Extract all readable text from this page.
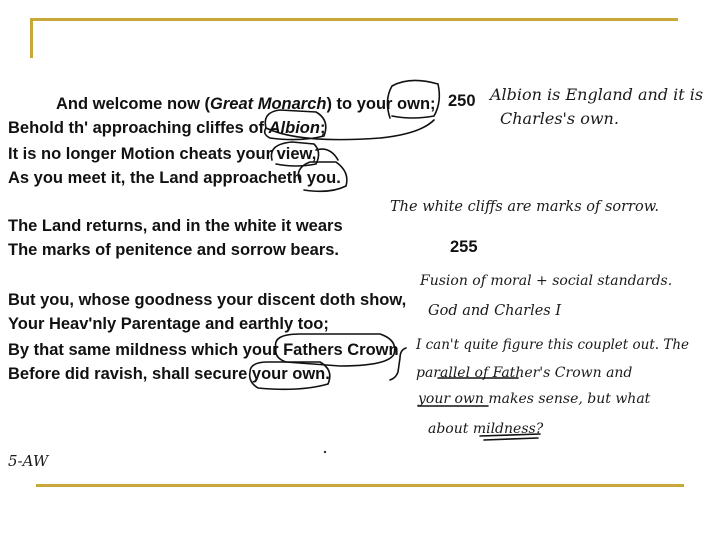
And welcome now (Great Monarch) to your own;

Behold th' approaching cliffes of Albion;

It is no longer Motion cheats your view,

As you meet it, the Land approacheth you.

The Land returns, and in the white it wears

The marks of penitence and sorrow bears.

But you, whose goodness your discent doth show,

Your Heav'nly Parentage and earthly too;

By that same mildness which your Fathers Crown

Before did ravish, shall secure your own.

250
255

Albion is England and it is

Charles's own.

The white cliffs are marks of sorrow.

Fusion of moral + social standards.

God and Charles I

I can't quite figure this couplet out. The

parallel of Father's Crown and

your own makes sense, but what

about mildness?

5-AW
